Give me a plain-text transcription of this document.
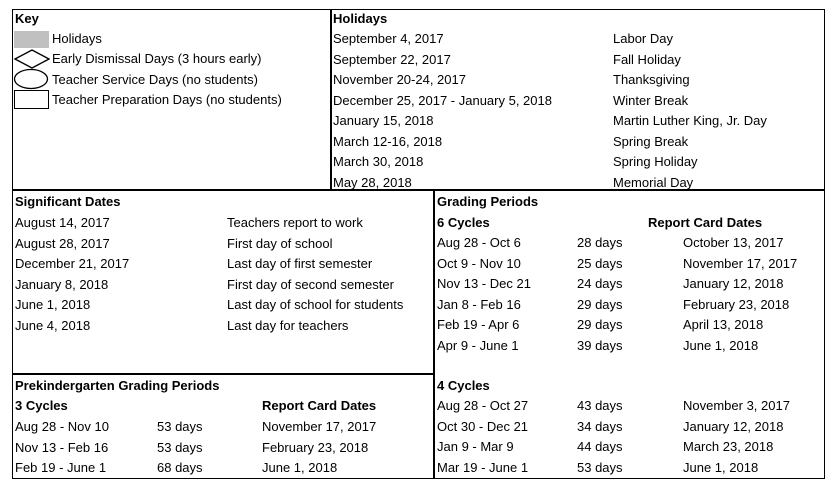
Key
Holidays
Early Dismissal Days (3 hours early)
Teacher Service Days (no students)
Teacher Preparation Days (no students)
Holidays
September 4, 2017	Labor Day
September 22, 2017	Fall Holiday
November 20-24, 2017	Thanksgiving
December 25, 2017 - January 5, 2018	Winter Break
January 15, 2018	Martin Luther King, Jr. Day
March 12-16, 2018	Spring Break
March 30, 2018	Spring Holiday
May 28, 2018	Memorial Day
Significant Dates
August 14, 2017	Teachers report to work
August 28, 2017	First day of school
December 21, 2017	Last day of first semester
January 8, 2018	First day of second semester
June 1, 2018	Last day of school for students
June 4, 2018	Last day for teachers
Prekindergarten Grading Periods
3 Cycles	Report Card Dates
Aug 28 - Nov 10	53 days	November 17, 2017
Nov 13 - Feb 16	53 days	February 23, 2018
Feb 19 - June 1	68 days	June 1, 2018
Grading Periods
6 Cycles	Report Card Dates
Aug 28 - Oct 6	28 days	October 13, 2017
Oct 9 - Nov 10	25 days	November 17, 2017
Nov 13 - Dec 21	24 days	January 12, 2018
Jan 8 - Feb 16	29 days	February 23, 2018
Feb 19 - Apr 6	29 days	April 13, 2018
Apr 9 - June 1	39 days	June 1, 2018
4 Cycles
Aug 28 - Oct 27	43 days	November 3, 2017
Oct 30 - Dec 21	34 days	January 12, 2018
Jan 9 - Mar 9	44 days	March 23, 2018
Mar 19 - June 1	53 days	June 1, 2018
